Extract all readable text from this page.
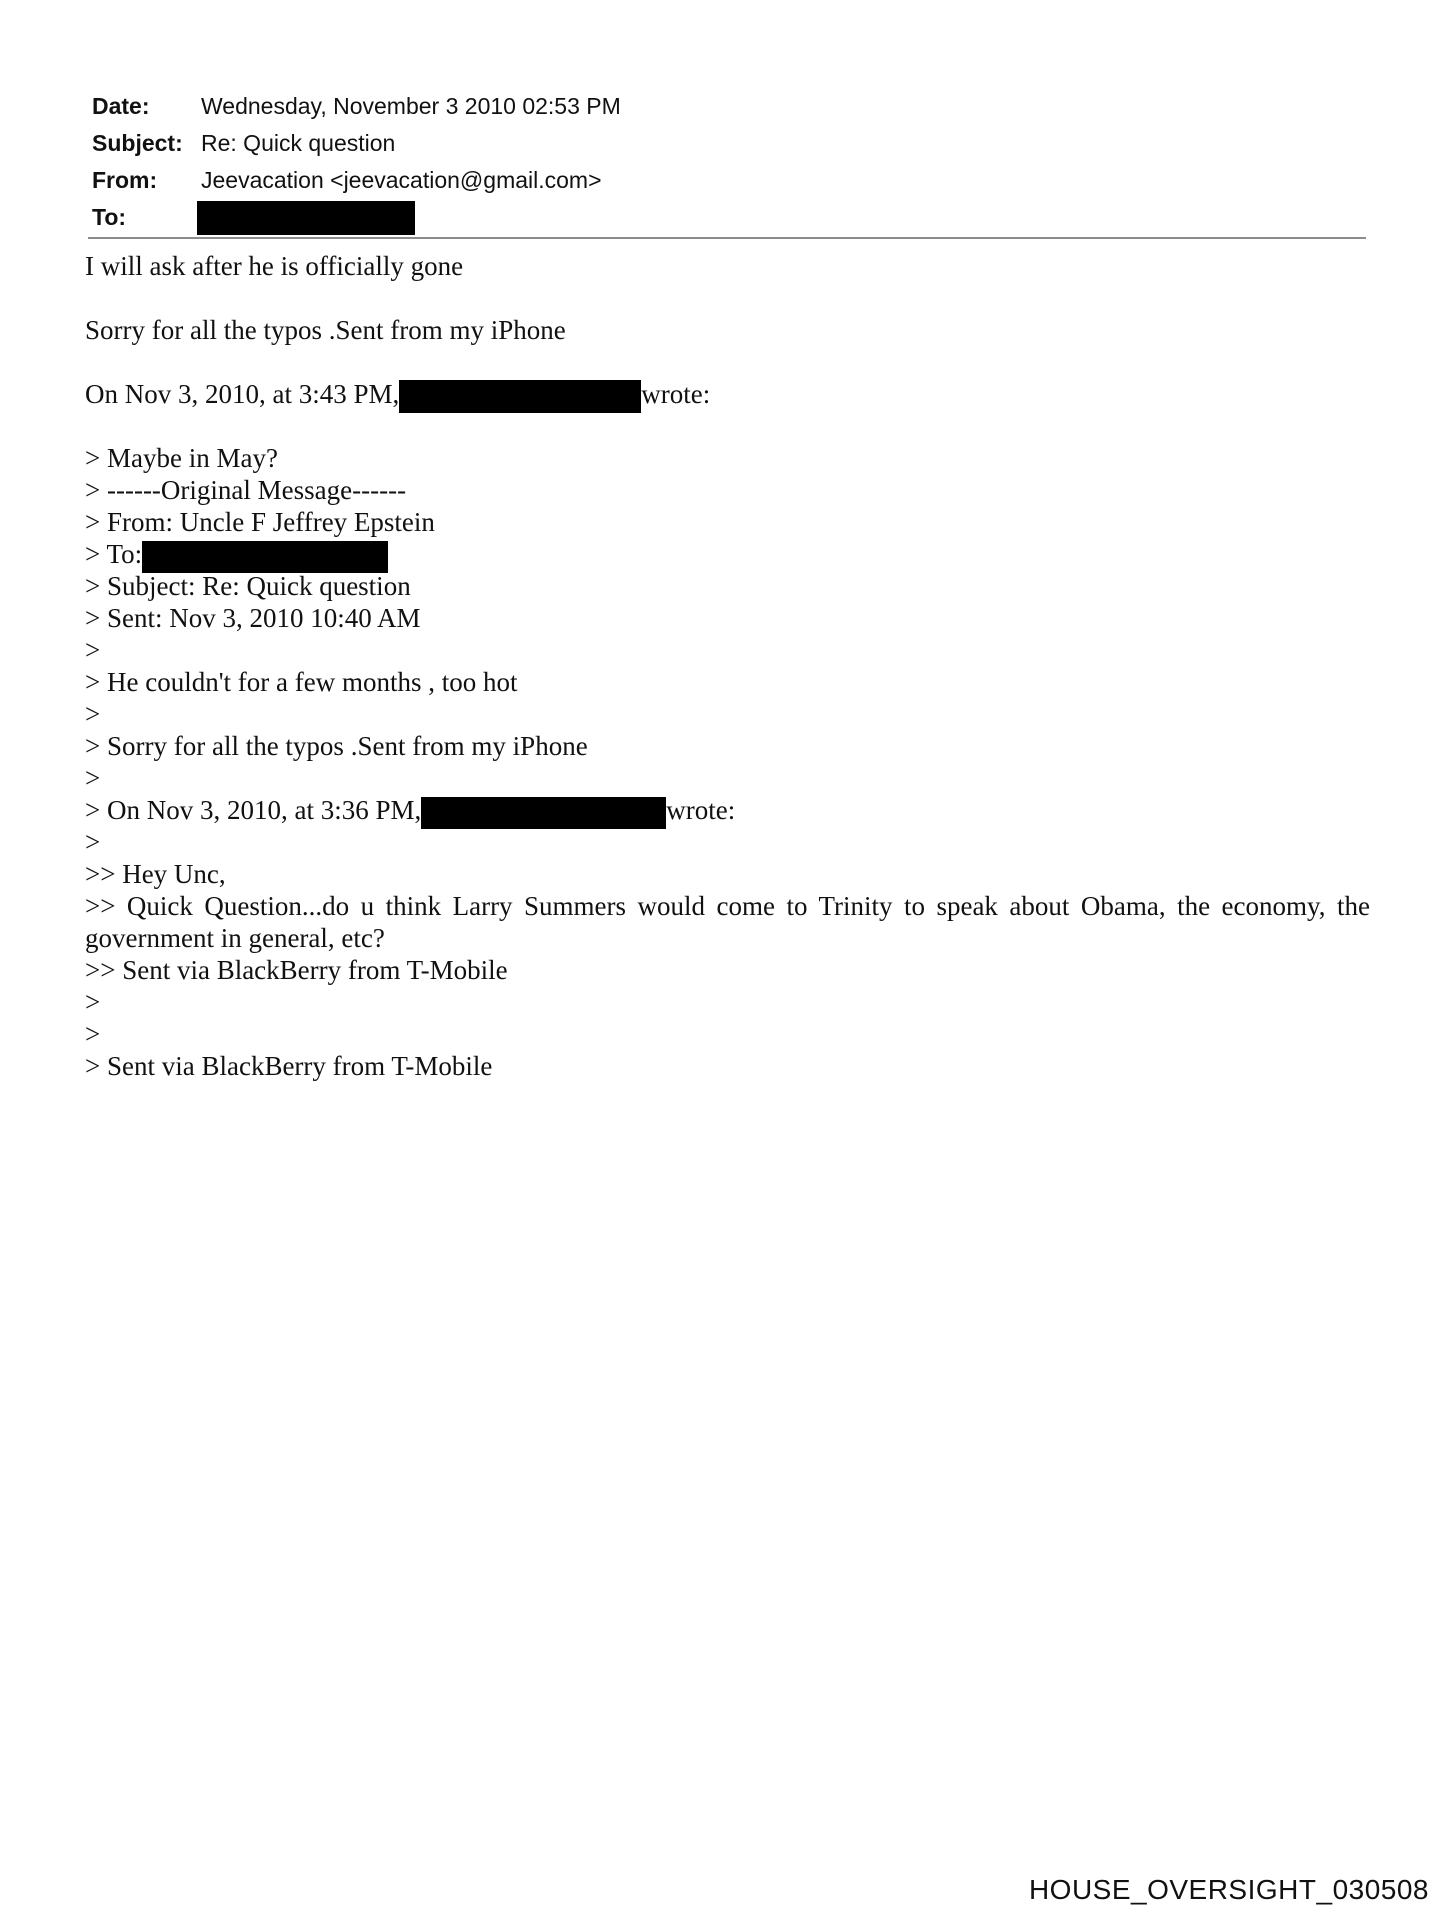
Date: Wednesday, November 3 2010 02:53 PM
Subject: Re: Quick question
From: Jeevacation <jeevacation@gmail.com>
To:
I will ask after he is officially gone
Sorry for all the typos .Sent from my iPhone
On Nov 3, 2010, at 3:43 PM,	wrote:
> Maybe in May?
> ------Original Message------
> From: Uncle F Jeffrey Epstein
> To:
> Subject: Re: Quick question
> Sent: Nov 3, 2010 10:40 AM
>
> He couldn't for a few months , too hot
>
> Sorry for all the typos .Sent from my iPhone
>
> On Nov 3, 2010, at 3:36 PM,	wrote:
>
>> Hey Unc,
>> Quick Question...do u think Larry Summers would come to Trinity to speak about Obama, the economy, the government in general, etc?
>> Sent via BlackBerry from T-Mobile
>
>
> Sent via BlackBerry from T-Mobile
HOUSE_OVERSIGHT_030508
